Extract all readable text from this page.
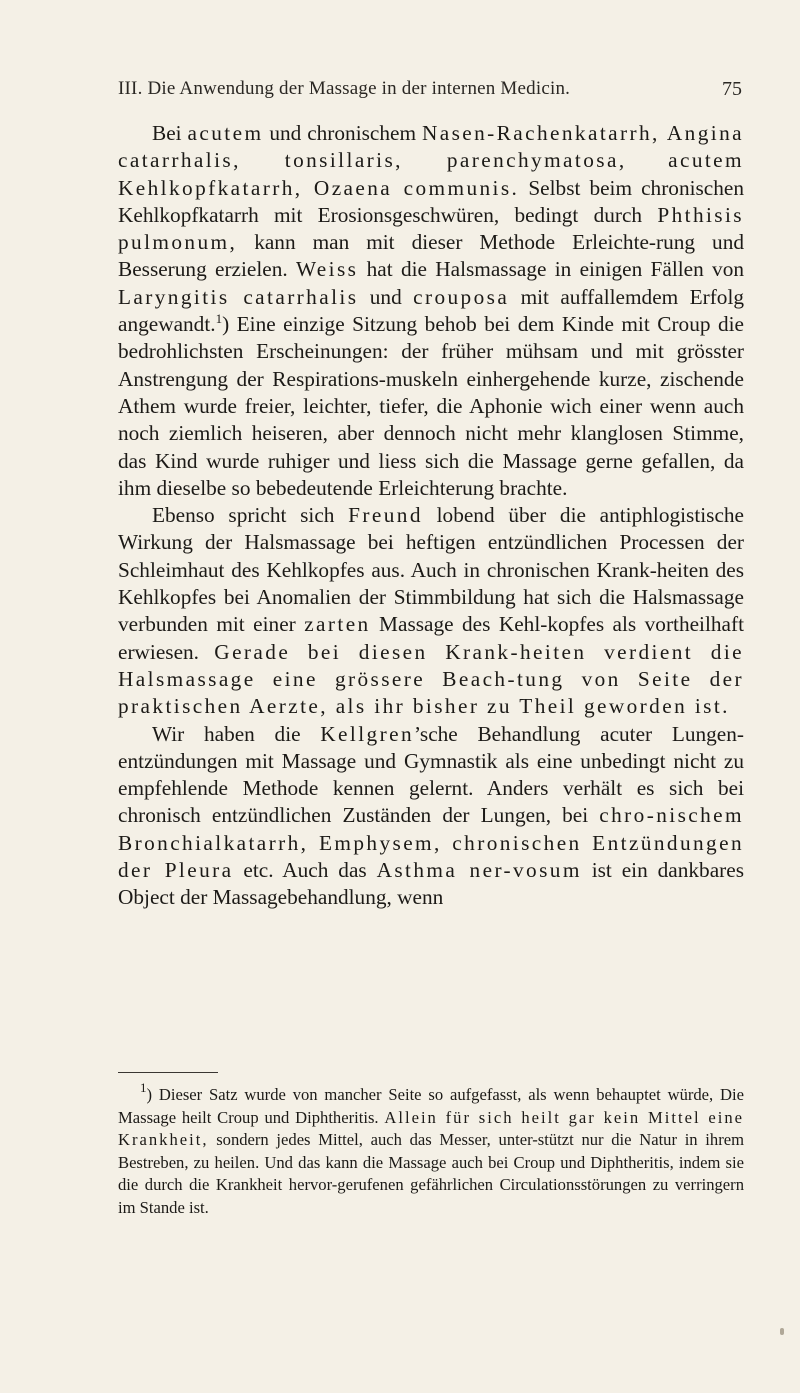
III. Die Anwendung der Massage in der internen Medicin.	75

Bei acutem und chronischem Nasen-Rachenkatarrh, Angina catarrhalis, tonsillaris, parenchymatosa, acutem Kehlkopfkatarrh, Ozaena communis. Selbst beim chronischen Kehlkopfkatarrh mit Erosionsgeschwüren, bedingt durch Phthisis pulmonum, kann man mit dieser Methode Erleichte-rung und Besserung erzielen. Weiss hat die Halsmassage in einigen Fällen von Laryngitis catarrhalis und crouposa mit auffallemdem Erfolg angewandt.$^1$) Eine einzige Sitzung behob bei dem Kinde mit Croup die bedrohlichsten Erscheinungen: der früher mühsam und mit grösster Anstrengung der Respirations-muskeln einhergehende kurze, zischende Athem wurde freier, leichter, tiefer, die Aphonie wich einer wenn auch noch ziemlich heiseren, aber dennoch nicht mehr klanglosen Stimme, das Kind wurde ruhiger und liess sich die Massage gerne gefallen, da ihm dieselbe so bebedeutende Erleichterung brachte.

Ebenso spricht sich Freund lobend über die antiphlogistische Wirkung der Halsmassage bei heftigen entzündlichen Processen der Schleimhaut des Kehlkopfes aus. Auch in chronischen Krank-heiten des Kehlkopfes bei Anomalien der Stimmbildung hat sich die Halsmassage verbunden mit einer zarten Massage des Kehl-kopfes als vortheilhaft erwiesen. Gerade bei diesen Krank-heiten verdient die Halsmassage eine grössere Beach-tung von Seite der praktischen Aerzte, als ihr bisher zu Theil geworden ist.

Wir haben die Kellgren’sche Behandlung acuter Lungen-entzündungen mit Massage und Gymnastik als eine unbedingt nicht zu empfehlende Methode kennen gelernt. Anders verhält es sich bei chronisch entzündlichen Zuständen der Lungen, bei chro-nischem Bronchialkatarrh, Emphysem, chronischen Entzündungen der Pleura etc. Auch das Asthma ner-vosum ist ein dankbares Object der Massagebehandlung, wenn

$^1$) Dieser Satz wurde von mancher Seite so aufgefasst, als wenn behauptet würde, Die Massage heilt Croup und Diphtheritis. Allein für sich heilt gar kein Mittel eine Krankheit, sondern jedes Mittel, auch das Messer, unter-stützt nur die Natur in ihrem Bestreben, zu heilen. Und das kann die Massage auch bei Croup und Diphtheritis, indem sie die durch die Krankheit hervor-gerufenen gefährlichen Circulationsstörungen zu verringern im Stande ist.
